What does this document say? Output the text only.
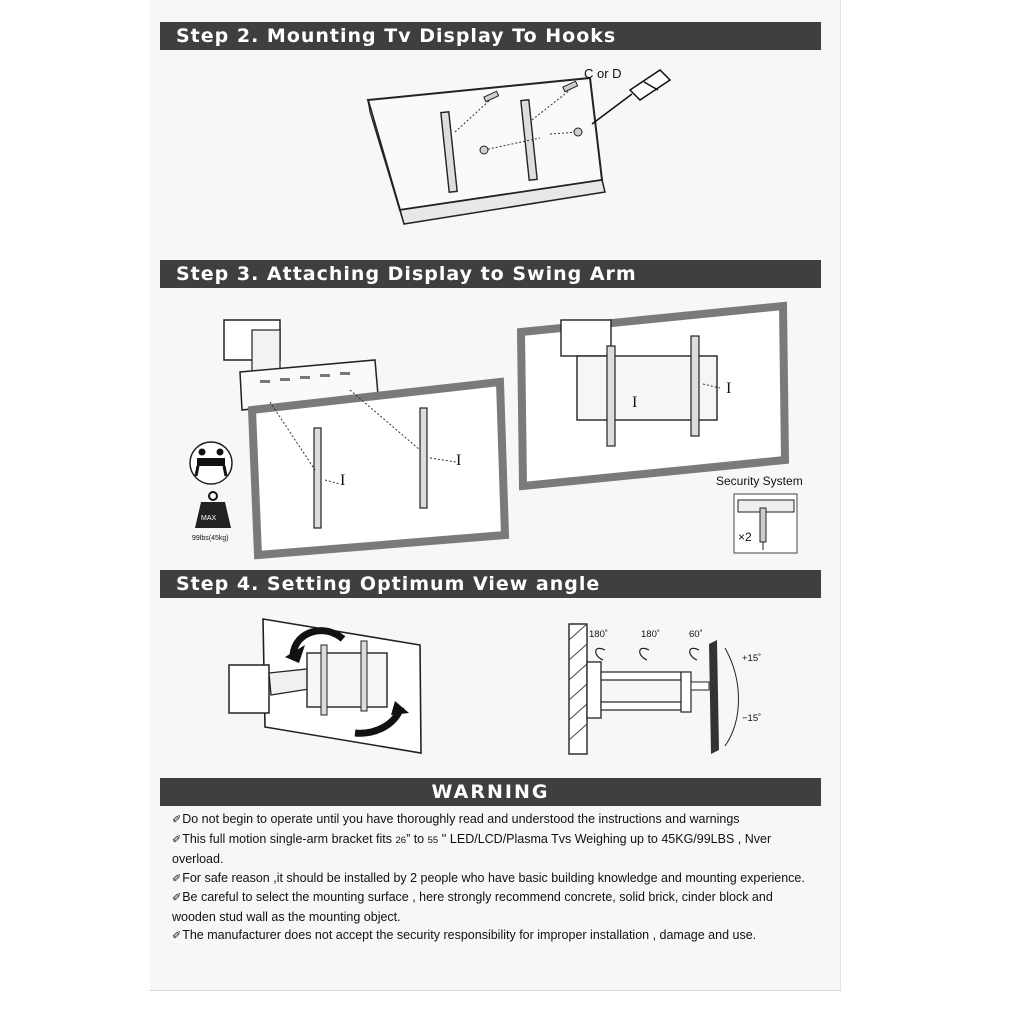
Step 2. Mounting Tv Display To Hooks
C or D
Step 3. Attaching Display to Swing Arm
I
I
I
I
MAX
99lbs(45kg)
Security System
×2
Step 4. Setting Optimum View angle
180˚	180˚	60˚
+15˚
−15˚
WARNING

✐Do not begin to operate until you have thoroughly read and understood the instructions and warnings

✐This full motion single-arm bracket fits 26” to 55 '' LED/LCD/Plasma Tvs Weighing up to 45KG/99LBS , Nver overload.

✐For safe reason ,it should be installed by 2 people who have basic building knowledge and mounting experience.

✐Be careful to select the mounting surface , here strongly recommend concrete, solid brick, cinder block and wooden stud wall as the mounting object.

✐The manufacturer does not accept the security responsibility for improper installation , damage and use.
